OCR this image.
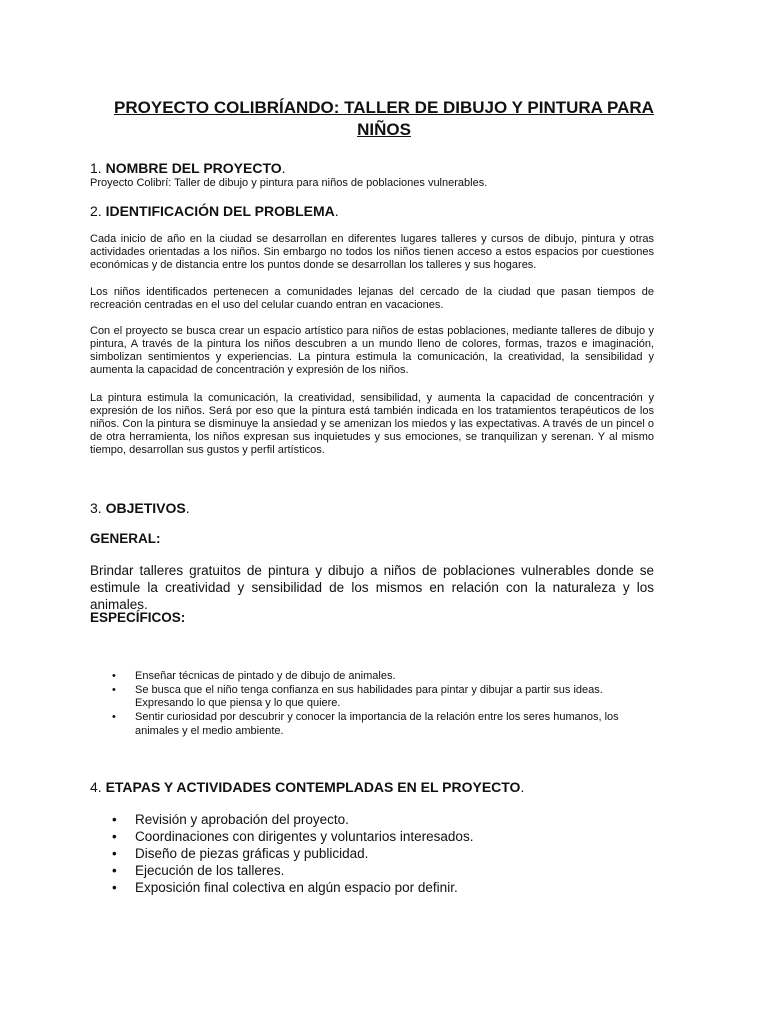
PROYECTO COLIBRÍANDO: TALLER DE DIBUJO Y PINTURA PARA NIÑOS
1. NOMBRE DEL PROYECTO.

Proyecto Colibrí: Taller de dibujo y pintura para niños de poblaciones vulnerables.

2. IDENTIFICACIÓN DEL PROBLEMA.

Cada inicio de año en la ciudad se desarrollan en diferentes lugares talleres y cursos de dibujo, pintura y otras actividades orientadas a los niños. Sin embargo no todos los niños tienen acceso a estos espacios por cuestiones económicas y de distancia entre los puntos donde se desarrollan los talleres y sus hogares.

Los niños identificados pertenecen a comunidades lejanas del cercado de la ciudad que pasan tiempos de recreación centradas en el uso del celular cuando entran en vacaciones.

Con el proyecto se busca crear un espacio artístico para niños de estas poblaciones, mediante talleres de dibujo y pintura, A través de la pintura los niños descubren a un mundo lleno de colores, formas, trazos e imaginación, simbolizan sentimientos y experiencias. La pintura estimula la comunicación, la creatividad, la sensibilidad y aumenta la capacidad de concentración y expresión de los niños.

La pintura estimula la comunicación, la creatividad, sensibilidad, y aumenta la capacidad de concentración y expresión de los niños. Será por eso que la pintura está también indicada en los tratamientos terapéuticos de los niños. Con la pintura se disminuye la ansiedad y se amenizan los miedos y las expectativas. A través de un pincel o de otra herramienta, los niños expresan sus inquietudes y sus emociones, se tranquilizan y serenan. Y al mismo tiempo, desarrollan sus gustos y perfil artísticos.

3. OBJETIVOS.
GENERAL:

Brindar talleres gratuitos de pintura y dibujo a niños de poblaciones vulnerables donde se estimule la creatividad y sensibilidad de los mismos en relación con la naturaleza y los animales.

ESPECÍFICOS:
• Enseñar técnicas de pintado y de dibujo de animales.
• Se busca que el niño tenga confianza en sus habilidades para pintar y dibujar a partir sus ideas. Expresando lo que piensa y lo que quiere.
• Sentir curiosidad por descubrir y conocer la importancia de la relación entre los seres humanos, los animales y el medio ambiente.
4. ETAPAS Y ACTIVIDADES CONTEMPLADAS EN EL PROYECTO.
• Revisión y aprobación del proyecto.
• Coordinaciones con dirigentes y voluntarios interesados.
• Diseño de piezas gráficas y publicidad.
• Ejecución de los talleres.
• Exposición final colectiva en algún espacio por definir.
